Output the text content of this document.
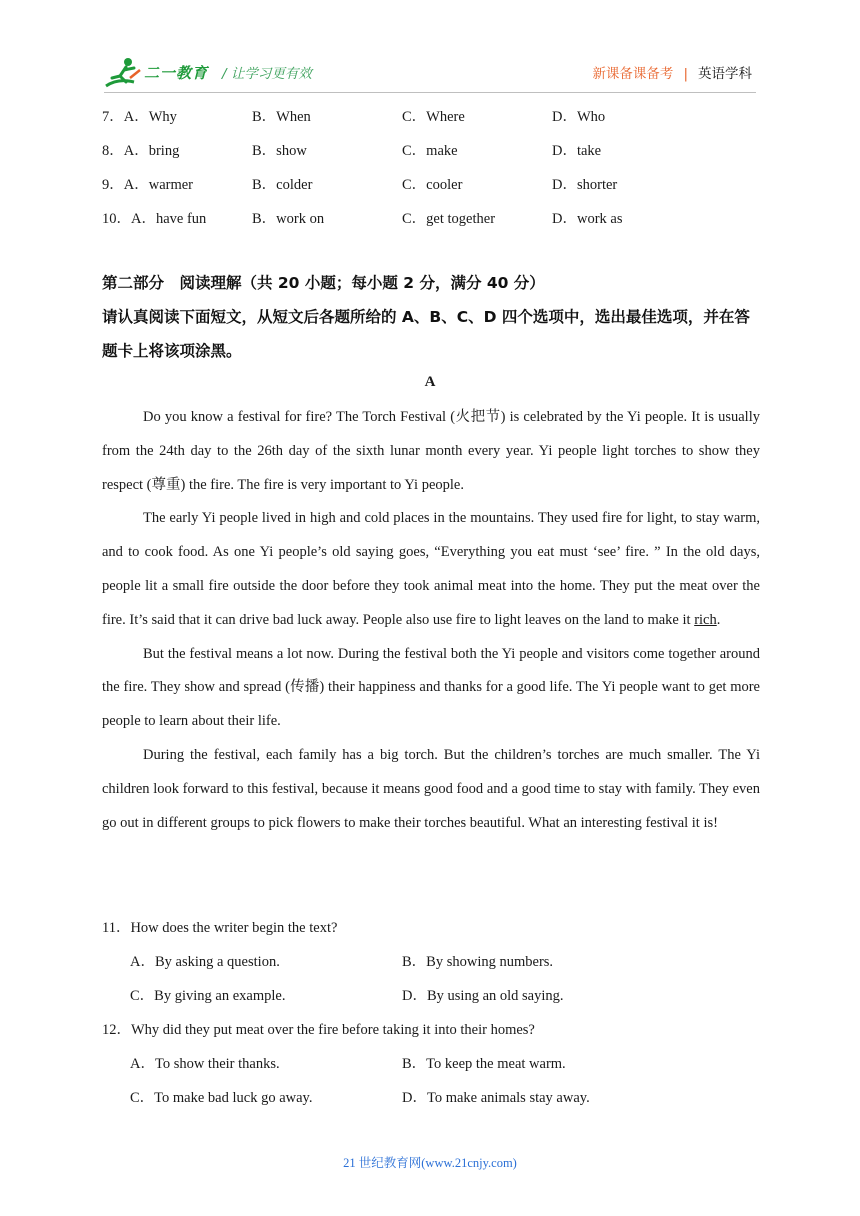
二一教育 / 让学习更有效	新课备课备考 | 英语学科
7．A．Why	B．When	C．Where	D．Who
8．A．bring	B．show	C．make	D．take
9．A．warmer	B．colder	C．cooler	D．shorter
10．A．have fun	B．work on	C．get together	D．work as
第二部分　阅读理解（共 20 小题；每小题 2 分，满分 40 分）
请认真阅读下面短文，从短文后各题所给的 A、B、C、D 四个选项中，选出最佳选项，并在答题卡上将该项涂黑。
A

Do you know a festival for fire? The Torch Festival (火把节) is celebrated by the Yi people. It is usually from the 24th day to the 26th day of the sixth lunar month every year. Yi people light torches to show they respect (尊重) the fire. The fire is very important to Yi people.

The early Yi people lived in high and cold places in the mountains. They used fire for light, to stay warm, and to cook food. As one Yi people’s old saying goes, “Everything you eat must ‘see’ fire. ” In the old days, people lit a small fire outside the door before they took animal meat into the home. They put the meat over the fire. It’s said that it can drive bad luck away. People also use fire to light leaves on the land to make it rich.

But the festival means a lot now. During the festival both the Yi people and visitors come together around the fire. They show and spread (传播) their happiness and thanks for a good life. The Yi people want to get more people to learn about their life.

During the festival, each family has a big torch. But the children’s torches are much smaller. The Yi children look forward to this festival, because it means good food and a good time to stay with family. They even go out in different groups to pick flowers to make their torches beautiful. What an interesting festival it is!

11．How does the writer begin the text?
A．By asking a question.	B．By showing numbers.
C．By giving an example.	D．By using an old saying.
12．Why did they put meat over the fire before taking it into their homes?
A．To show their thanks.	B．To keep the meat warm.
C．To make bad luck go away.	D．To make animals stay away.
21 世纪教育网(www.21cnjy.com)
